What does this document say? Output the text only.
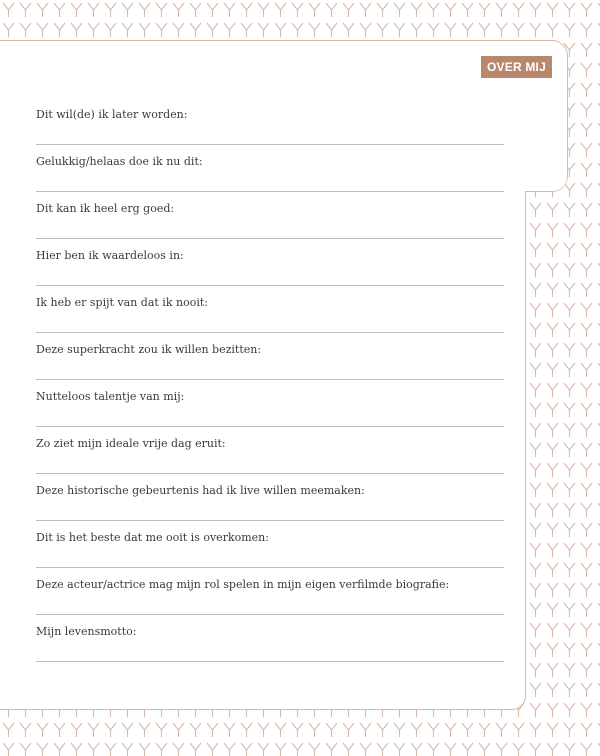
OVER MIJ
Dit wil(de) ik later worden:
Gelukkig/helaas doe ik nu dit:
Dit kan ik heel erg goed:
Hier ben ik waardeloos in:
Ik heb er spijt van dat ik nooit:
Deze superkracht zou ik willen bezitten:
Nutteloos talentje van mij:
Zo ziet mijn ideale vrije dag eruit:
Deze historische gebeurtenis had ik live willen meemaken:
Dit is het beste dat me ooit is overkomen:
Deze acteur/actrice mag mijn rol spelen in mijn eigen verfilmde biografie:
Mijn levensmotto:
